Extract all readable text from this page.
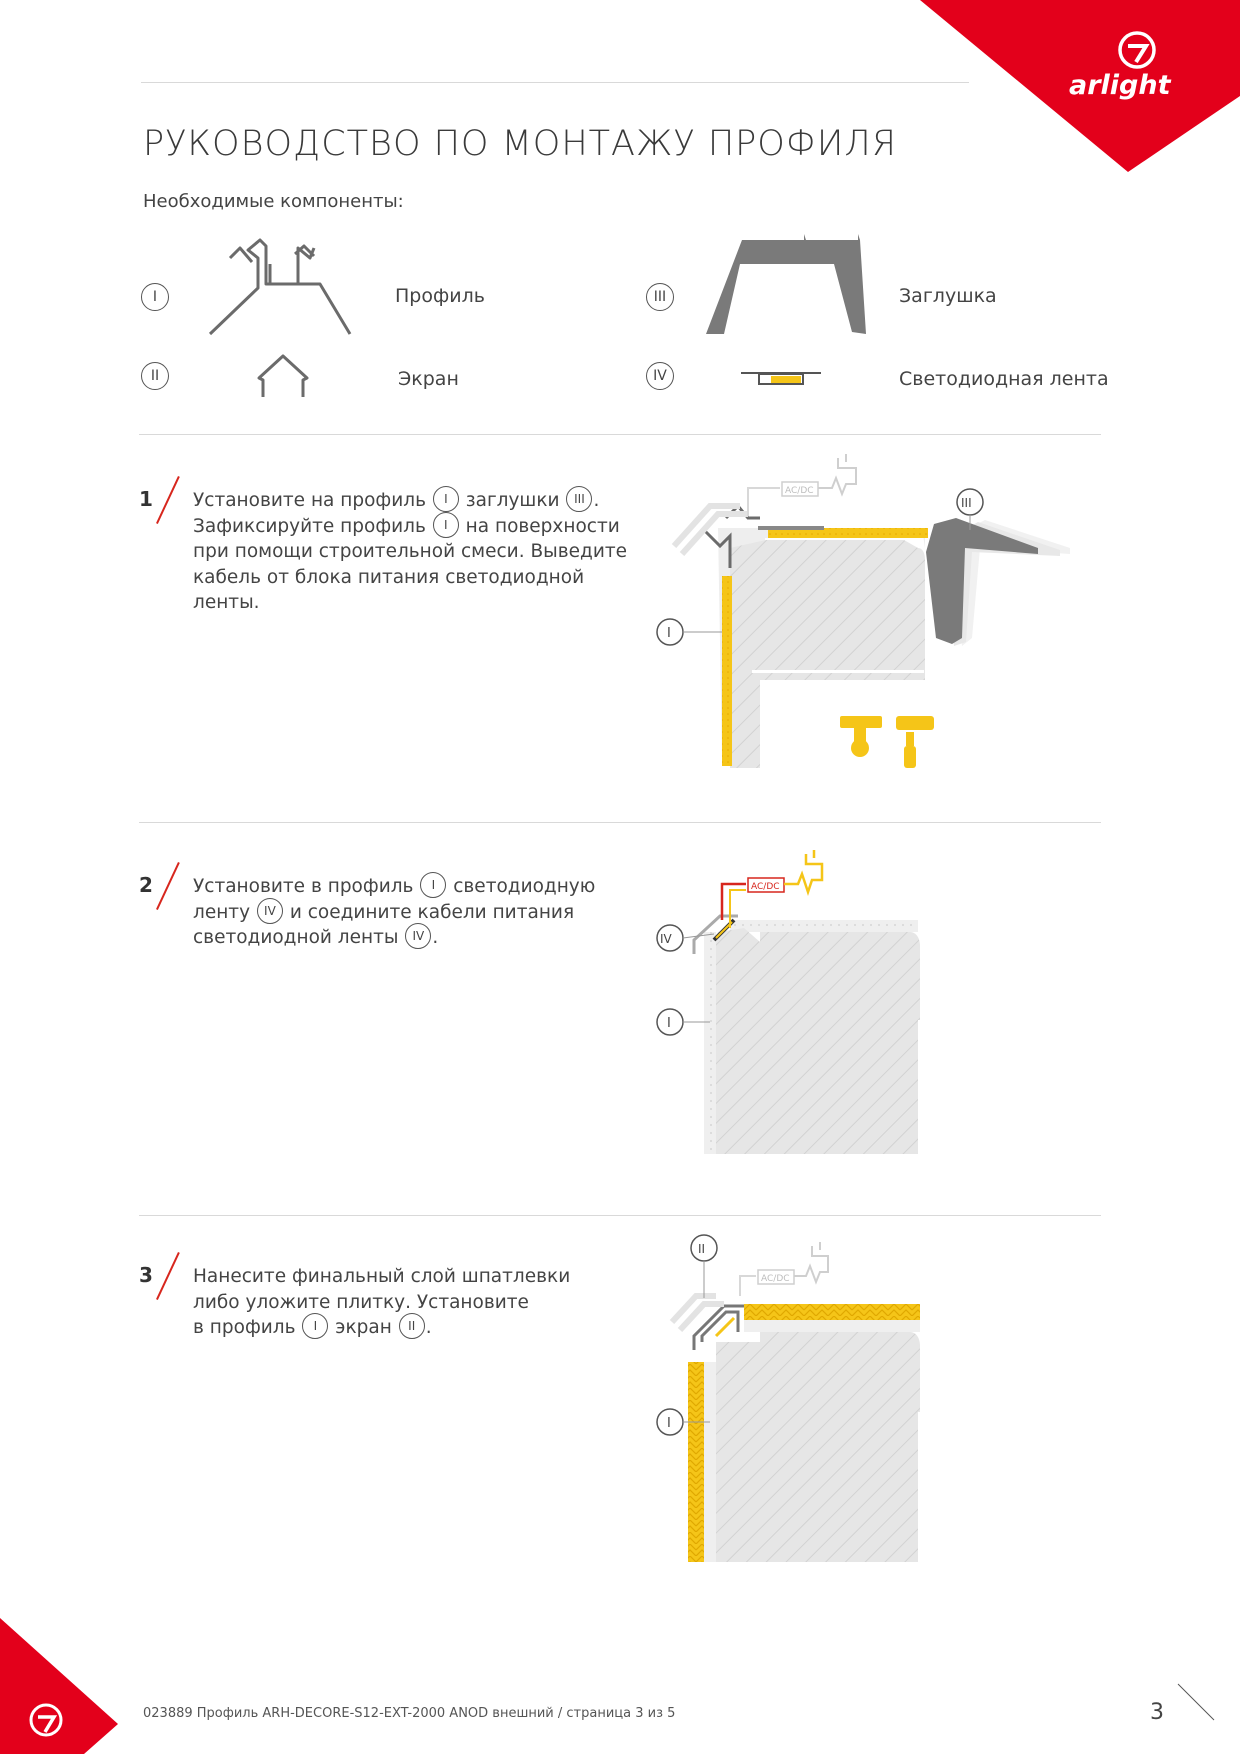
arlight
РУКОВОДСТВО ПО МОНТАЖУ ПРОФИЛЯ
Необходимые компоненты:
I	Профиль
II	Экран
III	Заглушка
IV	Светодиодная лента
1 Установите на профиль I заглушки III .
Зафиксируйте профиль I на поверхности
при помощи строительной смеси. Выведите
кабель от блока питания светодиодной
ленты.
AC/DC
I
III
2 Установите в профиль I светодиодную
ленту IV и соедините кабели питания
светодиодной ленты IV .
AC/DC
IV
I
3 Нанесите финальный слой шпатлевки
либо уложите плитку. Установите
в профиль I экран II .
AC/DC
II
I
023889 Профиль ARH-DECORE-S12-EXT-2000 ANOD внешний / страница 3 из 5	3
